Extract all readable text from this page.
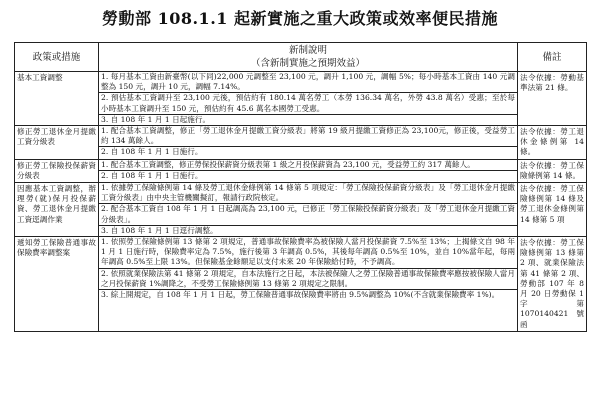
勞動部 108.1.1 起新實施之重大政策或效率便民措施
政策或措施	新制說明
（含新制實施之預期效益）	備註
基本工資調整	1. 每月基本工資由新臺幣(以下同)22,000 元調整至 23,100 元，調升 1,100 元，調幅 5%；每小時基本工資由 140 元調整為 150 元，調升 10 元，調幅 7.14%。
2. 預估基本工資調升至 23,100 元後，預估約有 180.14 萬名勞工（本勞 136.34 萬名，外勞 43.8 萬名）受惠；至於每小時基本工資調升至 150 元，預估約有 45.6 萬名本國勞工受惠。
3. 自 108 年 1 月 1 日起施行。	法令依據：勞動基準法第 21 條。
修正勞工退休金月提繳工資分級表	1. 配合基本工資調整，修正「勞工退休金月提繳工資分級表」將第 19 級月提繳工資修正為 23,100元，修正後，受益勞工約 134 萬餘人。
2. 自 108 年 1 月 1 日施行。	法令依據：勞工退休金條例第 14 條。
修正勞工保險投保薪資分級表	1. 配合基本工資調整，修正勞保投保薪資分級表第 1 級之月投保薪資為 23,100 元，受益勞工約 317 萬餘人。
2. 自 108 年 1 月 1 日施行。	法令依據：勞工保險條例第 14 條。
因應基本工資調整，辦理勞(就)保月投保薪資、勞工退休金月提繳工資逕調作業	1. 依據勞工保險條例第 14 條及勞工退休金條例第 14 條第 5 項規定：「勞工保險投保薪資分級表」及「勞工退休金月提繳工資分級表」由中央主管機關擬訂，報請行政院核定。
2. 配合基本工資自 108 年 1 月 1 日起調高為 23,100 元，已修正「勞工保險投保薪資分級表」及「勞工退休金月提繳工資分級表」。
3. 自 108 年 1 月 1 日逕行調整。	法令依據：勞工保險條例第 14 條及勞工退休金條例第 14 條第 5 項
遞知勞工保險普通事故保險費率調整案	1. 依照勞工保險條例第 13 條第 2 項規定，普通事故保險費率為被保險人當月投保薪資 7.5%至 13%；上揭條文自 98 年 1 月 1 日施行時，保險費率定為 7.5%，施行後第 3 年調高 0.5%，其後每年調高 0.5%至 10%，並自 10%當年起，每兩年調高 0.5%至上限 13%。但保險基金餘額足以支付未來 20 年保險給付時，不予調高。
2. 依照就業保險法第 41 條第 2 項規定，自本法施行之日起，本法被保險人之勞工保險普通事故保險費率應按被保險人當月之月投保薪資 1%調降之，不受勞工保險條例第 13 條第 2 項規定之限制。
3. 綜上開規定，自 108 年 1 月 1 日起，勞工保險普通事故保險費率將由 9.5%調整為 10%(不含就業保險費率 1%)。	法令依據：勞工保險條例第 13 條第 2 項、就業保險法第 41 條第 2 項、勞動部 107 年 8 月 20 日勞動保 1 字第 1070140421 號函
